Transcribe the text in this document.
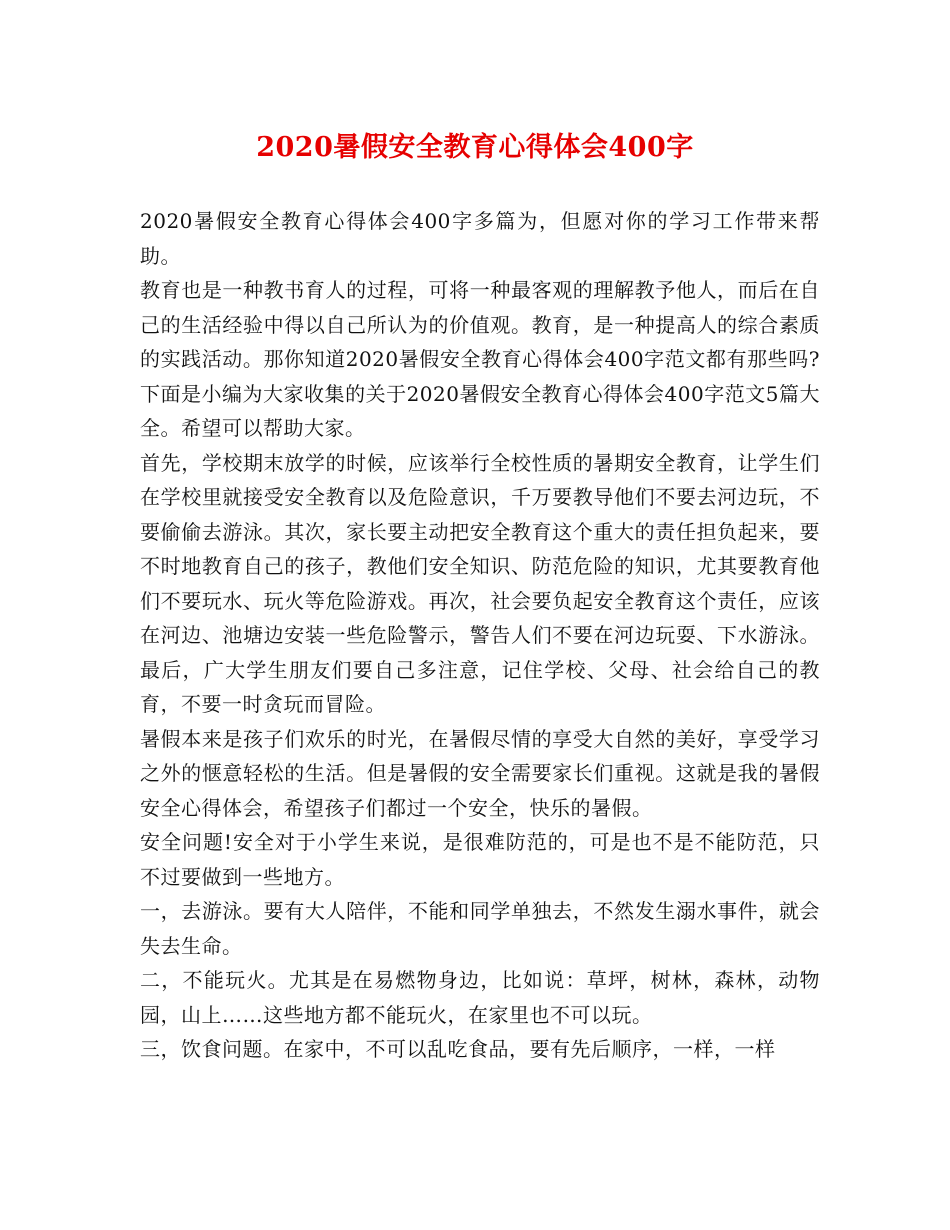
2020暑假安全教育心得体会400字

2020暑假安全教育心得体会400字多篇为，但愿对你的学习工作带来帮助。

教育也是一种教书育人的过程，可将一种最客观的理解教予他人，而后在自己的生活经验中得以自己所认为的价值观。教育，是一种提高人的综合素质的实践活动。那你知道2020暑假安全教育心得体会400字范文都有那些吗?下面是小编为大家收集的关于2020暑假安全教育心得体会400字范文5篇大全。希望可以帮助大家。

首先，学校期末放学的时候，应该举行全校性质的暑期安全教育，让学生们在学校里就接受安全教育以及危险意识，千万要教导他们不要去河边玩，不要偷偷去游泳。其次，家长要主动把安全教育这个重大的责任担负起来，要不时地教育自己的孩子，教他们安全知识、防范危险的知识，尤其要教育他们不要玩水、玩火等危险游戏。再次，社会要负起安全教育这个责任，应该在河边、池塘边安装一些危险警示，警告人们不要在河边玩耍、下水游泳。最后，广大学生朋友们要自己多注意，记住学校、父母、社会给自己的教育，不要一时贪玩而冒险。

暑假本来是孩子们欢乐的时光，在暑假尽情的享受大自然的美好，享受学习之外的惬意轻松的生活。但是暑假的安全需要家长们重视。这就是我的暑假安全心得体会，希望孩子们都过一个安全，快乐的暑假。

安全问题!安全对于小学生来说，是很难防范的，可是也不是不能防范，只不过要做到一些地方。

一，去游泳。要有大人陪伴，不能和同学单独去，不然发生溺水事件，就会失去生命。

二，不能玩火。尤其是在易燃物身边，比如说：草坪，树林，森林，动物园，山上……这些地方都不能玩火，在家里也不可以玩。

三，饮食问题。在家中，不可以乱吃食品，要有先后顺序，一样，一样
